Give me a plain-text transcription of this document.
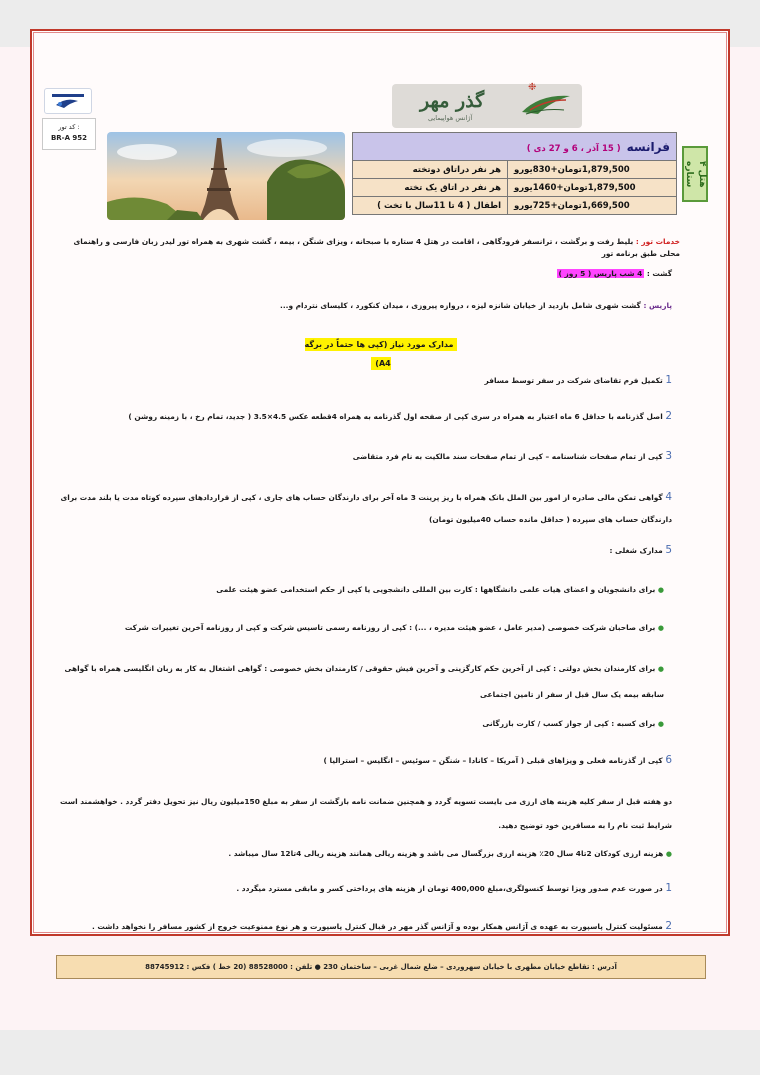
کد تور :
BR-A 952
❉
گذر مهر
آژانس هواپیمایی
فرانسه  ( 15 آذر ، 6 و 27 دی )	
هر نفر دراتاق دوتخته	1,879,500تومان+830یورو
هر نفر در اتاق یک تخته	1,879,500تومان+1460یورو
اطفال ( 4 تا 11سال با تخت )	1,669,500تومان+725یورو
هتل ۴ ستاره
خدمات تور : بلیط رفت و برگشت ، ترانسفر فرودگاهی ، اقامت در هتل 4 ستاره با صبحانه ، ویزای شنگن ، بیمه ، گشت شهری به همراه تور لیدر زبان فارسی و راهنمای محلی طبق برنامه تور
گشت : 4 شب پاریس ( 5 روز )
پاریس : گشت شهری شامل بازدید از خیابان شانزه لیزه ، دروازه پیروزی ، میدان کنکورد ، کلیسای نتردام و...
مدارک مورد نیاز (کپی ها حتماً در برگه A4)
1 تکمیل فرم تقاضای شرکت در سفر توسط مسافر
2 اصل گذرنامه با حداقل 6 ماه اعتبار به همراه در سری کپی از صفحه اول گذرنامه به همراه 4قطعه عکس 4.5×3.5 ( جدید، تمام رخ ، با زمینه روشن )
3 کپی از تمام صفحات شناسنامه – کپی از تمام صفحات سند مالکیت به نام فرد متقاضی
4 گواهی تمکن مالی صادره از امور بین الملل بانک همراه با ریز پرینت 3 ماه آخر برای دارندگان حساب های جاری ، کپی از قراردادهای سپرده کوتاه مدت یا بلند مدت برای دارندگان حساب های سپرده ( حداقل مانده حساب 40میلیون تومان)
5 مدارک شغلی :
● برای دانشجویان و اعضای هیات علمی دانشگاهها : کارت بین المللی دانشجویی یا کپی از حکم استخدامی عضو هیئت علمی
● برای صاحبان شرکت خصوصی (مدیر عامل ، عضو هیئت مدیره ، ...) : کپی از روزنامه رسمی تاسیس شرکت و کپی از روزنامه آخرین تغییرات شرکت
● برای کارمندان بخش دولتی : کپی از آخرین حکم کارگزینی و آخرین فیش حقوقی / کارمندان بخش خصوصی : گواهی اشتغال به کار به زبان انگلیسی همراه با گواهی سابقه بیمه یک سال قبل از سفر از تامین اجتماعی
● برای کسبه : کپی از جواز کسب / کارت بازرگانی
6 کپی از گذرنامه فعلی و ویزاهای قبلی ( آمریکا – کانادا – شنگن – سوئیس – انگلیس – استرالیا )
دو هفته قبل از سفر کلیه هزینه های ارزی می بایست تسویه گردد و همچنین ضمانت نامه بازگشت از سفر به مبلغ 150میلیون ریال نیز تحویل دفتر گردد . خواهشمند است شرایط ثبت نام را به مسافرین خود توضیح دهید.
● هزینه ارزی کودکان 2تا4 سال 20٪ هزینه ارزی بزرگسال می باشد و هزینه ریالی همانند هزینه ریالی 4تا12 سال میباشد .
1 در صورت عدم صدور ویزا توسط کنسولگری،مبلغ 400,000 تومان از هزینه های پرداختی کسر و مابقی مسترد میگردد .
2 مسئولیت کنترل پاسپورت به عهده ی آژانس همکار بوده و آژانس گذر مهر در قبال کنترل پاسپورت و هر نوع ممنوعیت خروج از کشور مسافر را نخواهد داشت .
آدرس : تقاطع خیابان مطهری با خیابان سهروردی – ضلع شمال غربی – ساختمان 230 ● تلفن : 88528000 (20 خط ) فکس : 88745912
